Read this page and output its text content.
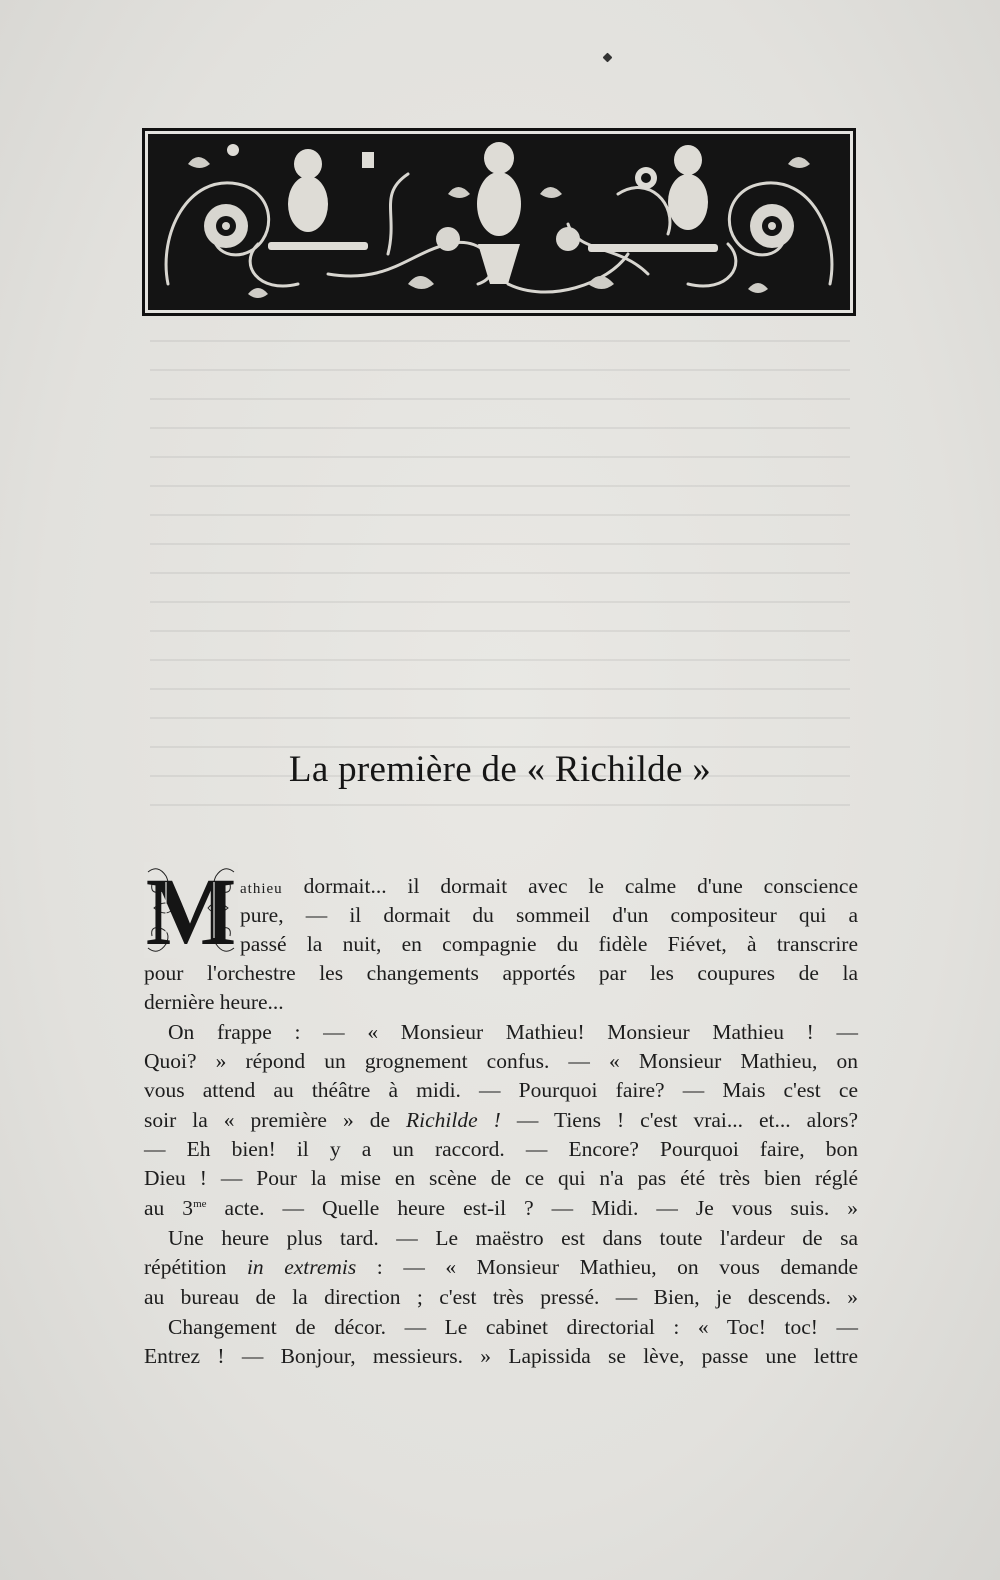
La première de « Richilde »
M athieu dormait... il dormait avec le calme d'une conscience
pure, — il dormait du sommeil d'un compositeur qui a
passé la nuit, en compagnie du fidèle Fiévet, à transcrire
pour l'orchestre les changements apportés par les coupures de la
dernière heure...
On frappe : — « Monsieur Mathieu! Monsieur Mathieu ! —
Quoi? » répond un grognement confus. — « Monsieur Mathieu, on
vous attend au théâtre à midi. — Pourquoi faire? — Mais c'est ce
soir la « première » de Richilde ! — Tiens ! c'est vrai... et... alors?
— Eh bien! il y a un raccord. — Encore? Pourquoi faire, bon
Dieu ! — Pour la mise en scène de ce qui n'a pas été très bien réglé
au $3^{me}$ acte. — Quelle heure est-il ? — Midi. — Je vous suis. »
Une heure plus tard. — Le maëstro est dans toute l'ardeur de sa
répétition in extremis : — « Monsieur Mathieu, on vous demande
au bureau de la direction ; c'est très pressé. — Bien, je descends. »
Changement de décor. — Le cabinet directorial : « Toc! toc! —
Entrez ! — Bonjour, messieurs. » Lapissida se lève, passe une lettre
